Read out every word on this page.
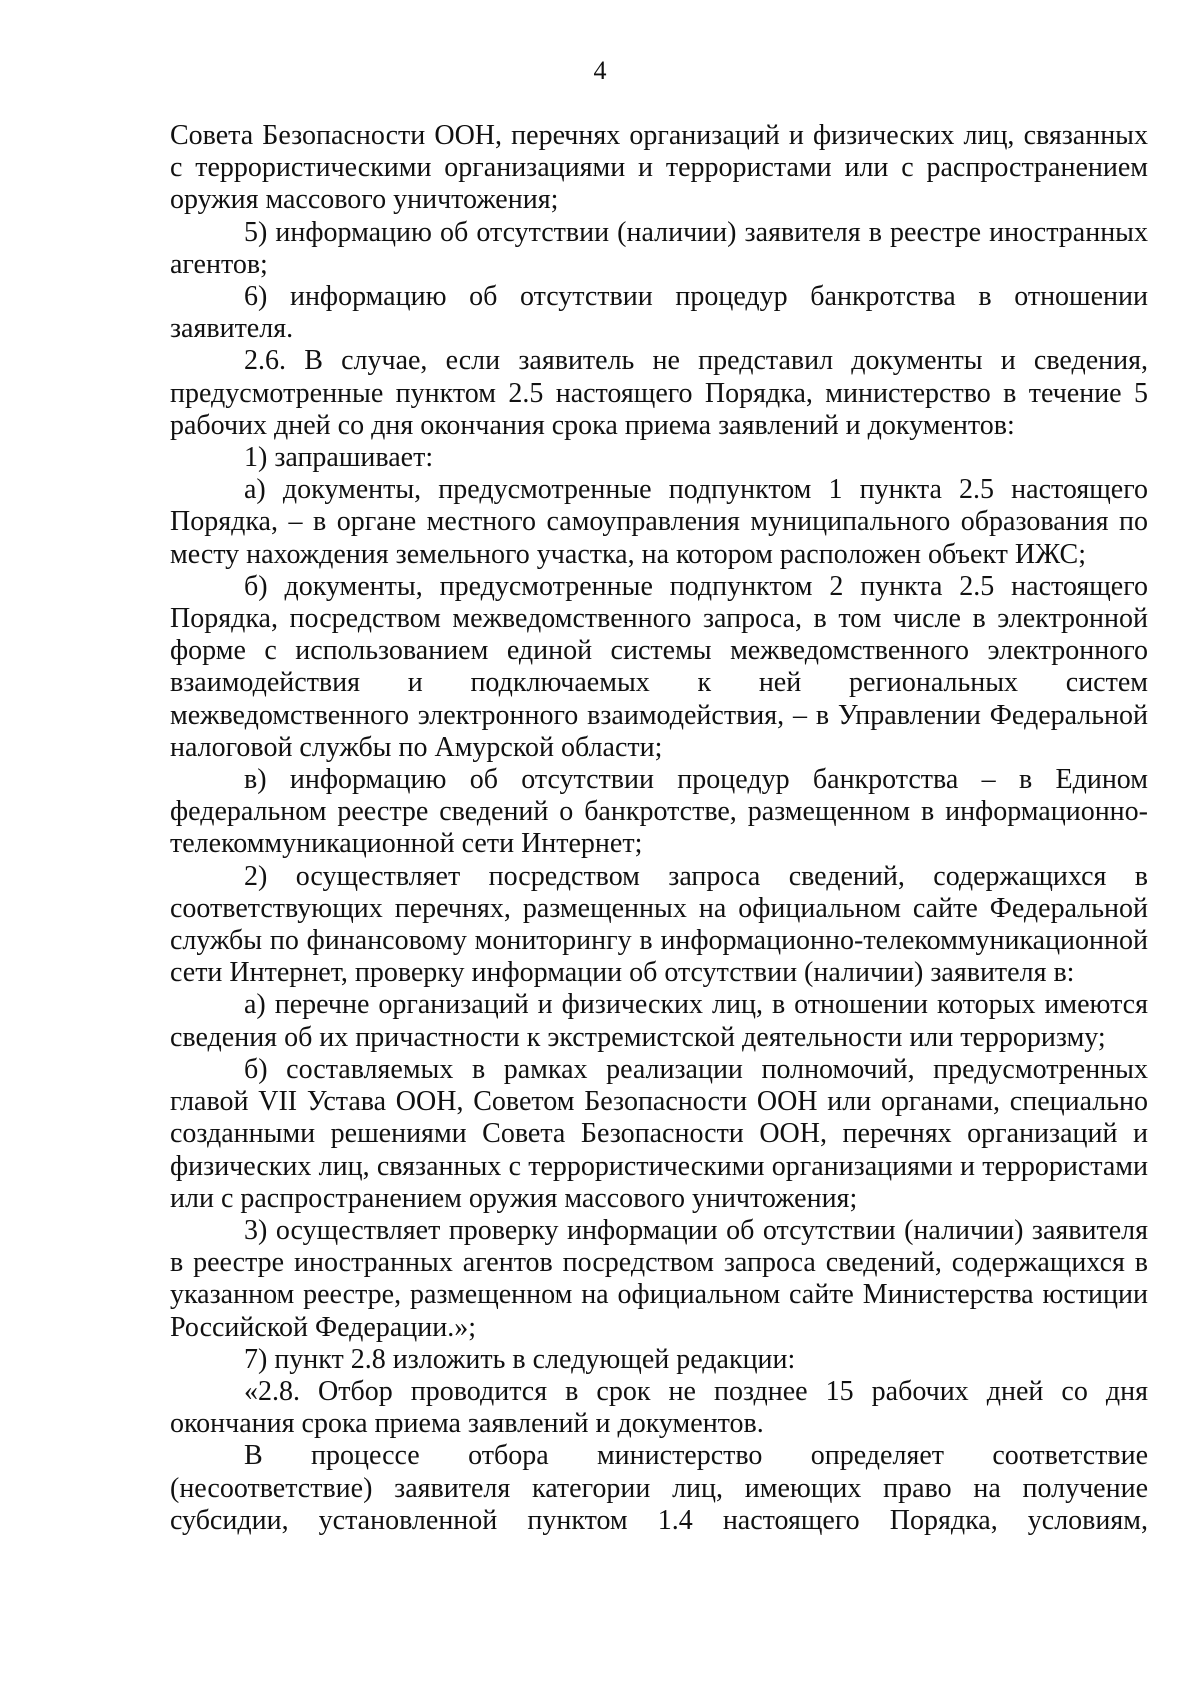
4

Совета Безопасности ООН, перечнях организаций и физических лиц, связанных с террористическими организациями и террористами или с распространением оружия массового уничтожения;

5) информацию об отсутствии (наличии) заявителя в реестре иностранных агентов;

6) информацию об отсутствии процедур банкротства в отношении заявителя.

2.6. В случае, если заявитель не представил документы и сведения, предусмотренные пунктом 2.5 настоящего Порядка, министерство в течение 5 рабочих дней со дня окончания срока приема заявлений и документов:

1) запрашивает:

а) документы, предусмотренные подпунктом 1 пункта 2.5 настоящего Порядка, – в органе местного самоуправления муниципального образования по месту нахождения земельного участка, на котором расположен объект ИЖС;

б) документы, предусмотренные подпунктом 2 пункта 2.5 настоящего Порядка, посредством межведомственного запроса, в том числе в электронной форме с использованием единой системы межведомственного электронного взаимодействия и подключаемых к ней региональных систем межведомственного электронного взаимодействия, – в Управлении Федеральной налоговой службы по Амурской области;

в) информацию об отсутствии процедур банкротства – в Едином федеральном реестре сведений о банкротстве, размещенном в информационно-телекоммуникационной сети Интернет;

2) осуществляет посредством запроса сведений, содержащихся в соответствующих перечнях, размещенных на официальном сайте Федеральной службы по финансовому мониторингу в информационно-телекоммуникационной сети Интернет, проверку информации об отсутствии (наличии) заявителя в:

а) перечне организаций и физических лиц, в отношении которых имеются сведения об их причастности к экстремистской деятельности или терроризму;

б) составляемых в рамках реализации полномочий, предусмотренных главой VII Устава ООН, Советом Безопасности ООН или органами, специально созданными решениями Совета Безопасности ООН, перечнях организаций и физических лиц, связанных с террористическими организациями и террористами или с распространением оружия массового уничтожения;

3) осуществляет проверку информации об отсутствии (наличии) заявителя в реестре иностранных агентов посредством запроса сведений, содержащихся в указанном реестре, размещенном на официальном сайте Министерства юстиции Российской Федерации.»;

7) пункт 2.8 изложить в следующей редакции:

«2.8. Отбор проводится в срок не позднее 15 рабочих дней со дня окончания срока приема заявлений и документов.

В процессе отбора министерство определяет соответствие (несоответствие) заявителя категории лиц, имеющих право на получение субсидии, установленной пунктом 1.4 настоящего Порядка, условиям,
